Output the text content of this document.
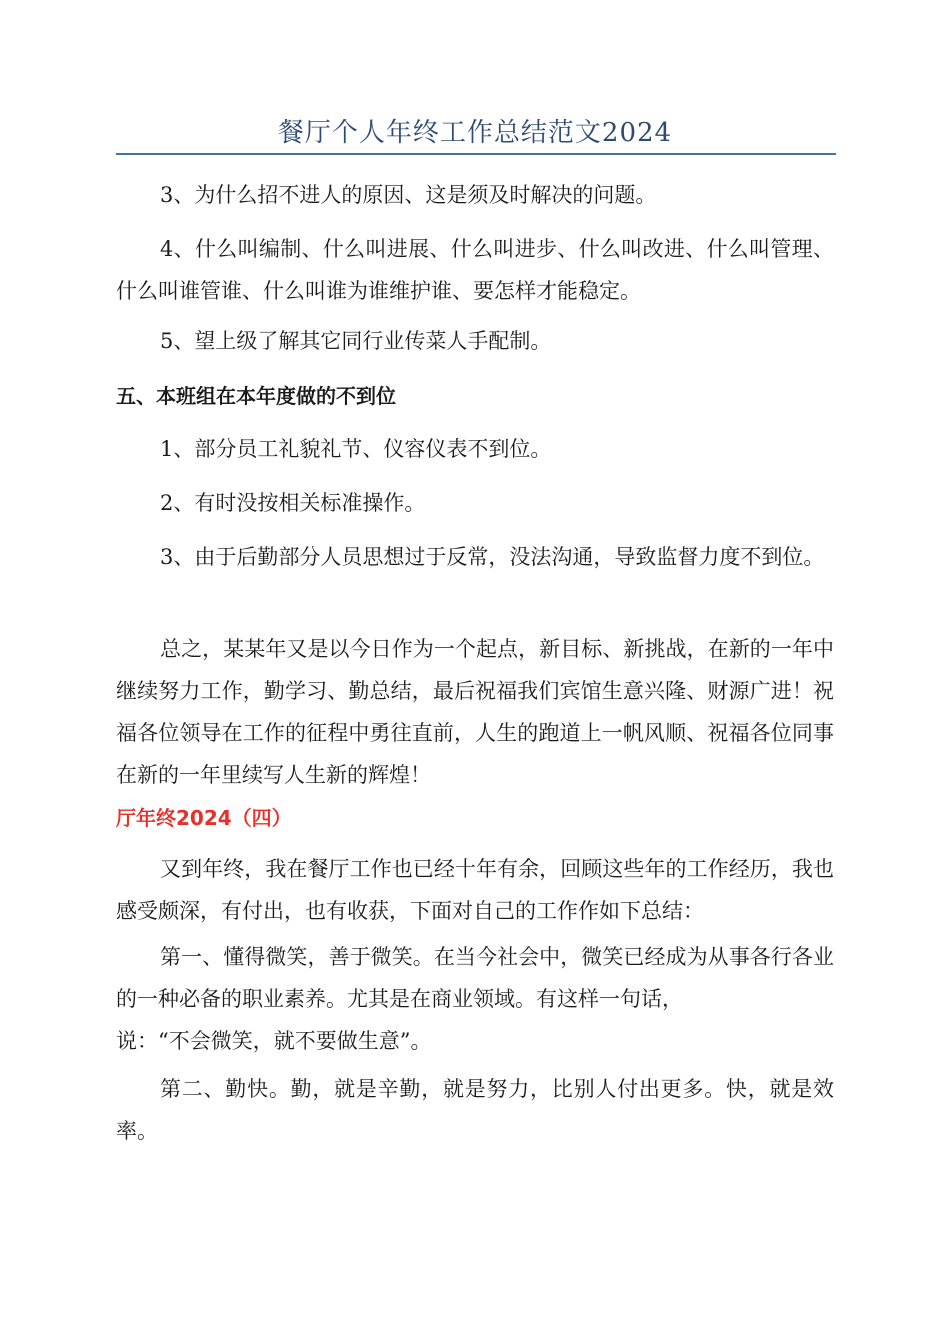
餐厅个人年终工作总结范文2024

3、为什么招不进人的原因、这是须及时解决的问题。

4、什么叫编制、什么叫进展、什么叫进步、什么叫改进、什么叫管理、什么叫谁管谁、什么叫谁为谁维护谁、要怎样才能稳定。

5、望上级了解其它同行业传菜人手配制。

五、本班组在本年度做的不到位

1、部分员工礼貌礼节、仪容仪表不到位。

2、有时没按相关标准操作。

3、由于后勤部分人员思想过于反常，没法沟通，导致监督力度不到位。

总之，某某年又是以今日作为一个起点，新目标、新挑战，在新的一年中继续努力工作，勤学习、勤总结，最后祝福我们宾馆生意兴隆、财源广进！祝福各位领导在工作的征程中勇往直前，人生的跑道上一帆风顺、祝福各位同事在新的一年里续写人生新的辉煌！

厅年终2024（四）

又到年终，我在餐厅工作也已经十年有余，回顾这些年的工作经历，我也感受颇深，有付出，也有收获，下面对自己的工作作如下总结：

第一、懂得微笑，善于微笑。在当今社会中，微笑已经成为从事各行各业的一种必备的职业素养。尤其是在商业领域。有这样一句话，
说：“不会微笑，就不要做生意”。

第二、勤快。勤，就是辛勤，就是努力，比别人付出更多。快，就是效率。
